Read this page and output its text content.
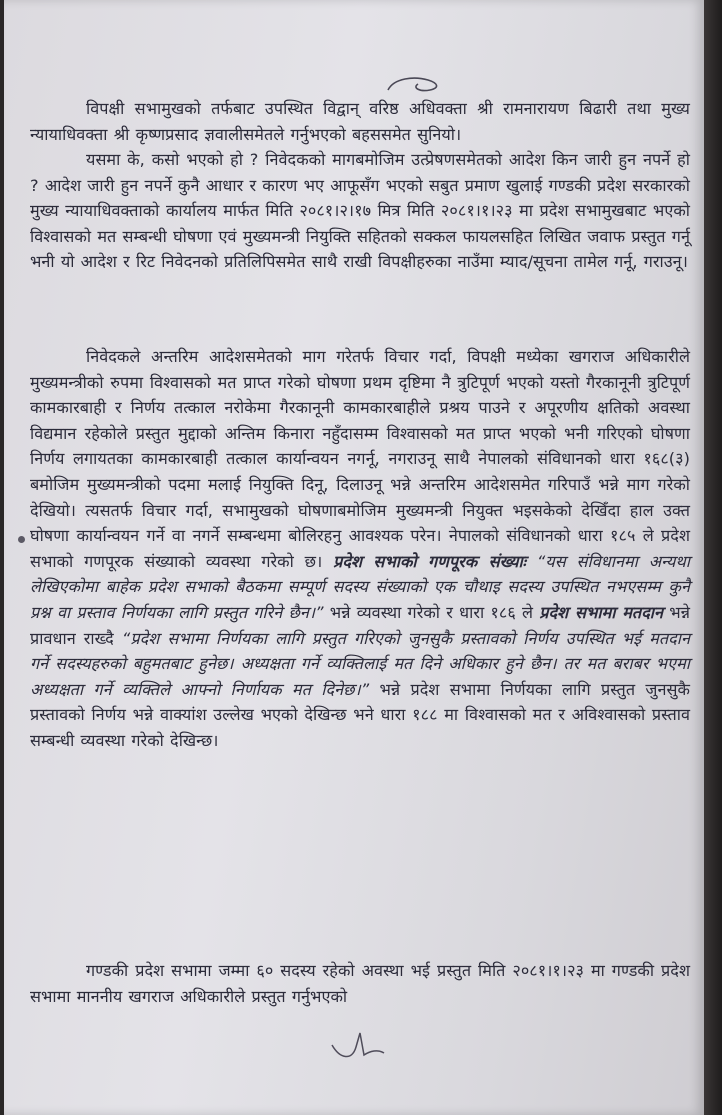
विपक्षी सभामुखको तर्फबाट उपस्थित विद्वान् वरिष्ठ अधिवक्ता श्री रामनारायण बिढारी तथा मुख्य न्यायाधिवक्ता श्री कृष्णप्रसाद ज्ञवालीसमेतले गर्नुभएको बहससमेत सुनियो।

यसमा के, कसो भएको हो ? निवेदकको मागबमोजिम उत्प्रेषणसमेतको आदेश किन जारी हुन नपर्ने हो ? आदेश जारी हुन नपर्ने कुनै आधार र कारण भए आफूसँग भएको सबुत प्रमाण खुलाई गण्डकी प्रदेश सरकारको मुख्य न्यायाधिवक्ताको कार्यालय मार्फत मिति २०८१।२।१७ मित्र मिति २०८१।१।२३ मा प्रदेश सभामुखबाट भएको विश्वासको मत सम्बन्धी घोषणा एवं मुख्यमन्त्री नियुक्ति सहितको सक्कल फायलसहित लिखित जवाफ प्रस्तुत गर्नू भनी यो आदेश र रिट निवेदनको प्रतिलिपिसमेत साथै राखी विपक्षीहरुका नाउँमा म्याद/सूचना तामेल गर्नू, गराउनू।

निवेदकले अन्तरिम आदेशसमेतको माग गरेतर्फ विचार गर्दा, विपक्षी मध्येका खगराज अधिकारीले मुख्यमन्त्रीको रुपमा विश्वासको मत प्राप्त गरेको घोषणा प्रथम दृष्टिमा नै त्रुटिपूर्ण भएको यस्तो गैरकानूनी त्रुटिपूर्ण कामकारबाही र निर्णय तत्काल नरोकेमा गैरकानूनी कामकारबाहीले प्रश्रय पाउने र अपूरणीय क्षतिको अवस्था विद्यमान रहेकोले प्रस्तुत मुद्दाको अन्तिम किनारा नहुँदासम्म विश्वासको मत प्राप्त भएको भनी गरिएको घोषणा निर्णय लगायतका कामकारबाही तत्काल कार्यान्वयन नगर्नू, नगराउनू साथै नेपालको संविधानको धारा १६८(३) बमोजिम मुख्यमन्त्रीको पदमा मलाई नियुक्ति दिनू, दिलाउनू भन्ने अन्तरिम आदेशसमेत गरिपाउँ भन्ने माग गरेको देखियो। त्यसतर्फ विचार गर्दा, सभामुखको घोषणाबमोजिम मुख्यमन्त्री नियुक्त भइसकेको देखिँदा हाल उक्त घोषणा कार्यान्वयन गर्ने वा नगर्ने सम्बन्धमा बोलिरहनु आवश्यक परेन। नेपालको संविधानको धारा १८५ ले प्रदेश सभाको गणपूरक संख्याको व्यवस्था गरेको छ। प्रदेश सभाको गणपूरक संख्याः “यस संविधानमा अन्यथा लेखिएकोमा बाहेक प्रदेश सभाको बैठकमा सम्पूर्ण सदस्य संख्याको एक चौथाइ सदस्य उपस्थित नभएसम्म कुनै प्रश्न वा प्रस्ताव निर्णयका लागि प्रस्तुत गरिने छैन।” भन्ने व्यवस्था गरेको र धारा १८६ ले प्रदेश सभामा मतदान भन्ने प्रावधान राख्दै “प्रदेश सभामा निर्णयका लागि प्रस्तुत गरिएको जुनसुकै प्रस्तावको निर्णय उपस्थित भई मतदान गर्ने सदस्यहरुको बहुमतबाट हुनेछ। अध्यक्षता गर्ने व्यक्तिलाई मत दिने अधिकार हुने छैन। तर मत बराबर भएमा अध्यक्षता गर्ने व्यक्तिले आफ्नो निर्णायक मत दिनेछ।” भन्ने प्रदेश सभामा निर्णयका लागि प्रस्तुत जुनसुकै प्रस्तावको निर्णय भन्ने वाक्यांश उल्लेख भएको देखिन्छ भने धारा १८८ मा विश्वासको मत र अविश्वासको प्रस्ताव सम्बन्धी व्यवस्था गरेको देखिन्छ।

गण्डकी प्रदेश सभामा जम्मा ६० सदस्य रहेको अवस्था भई प्रस्तुत मिति २०८१।१।२३ मा गण्डकी प्रदेश सभामा माननीय खगराज अधिकारीले प्रस्तुत गर्नुभएको
